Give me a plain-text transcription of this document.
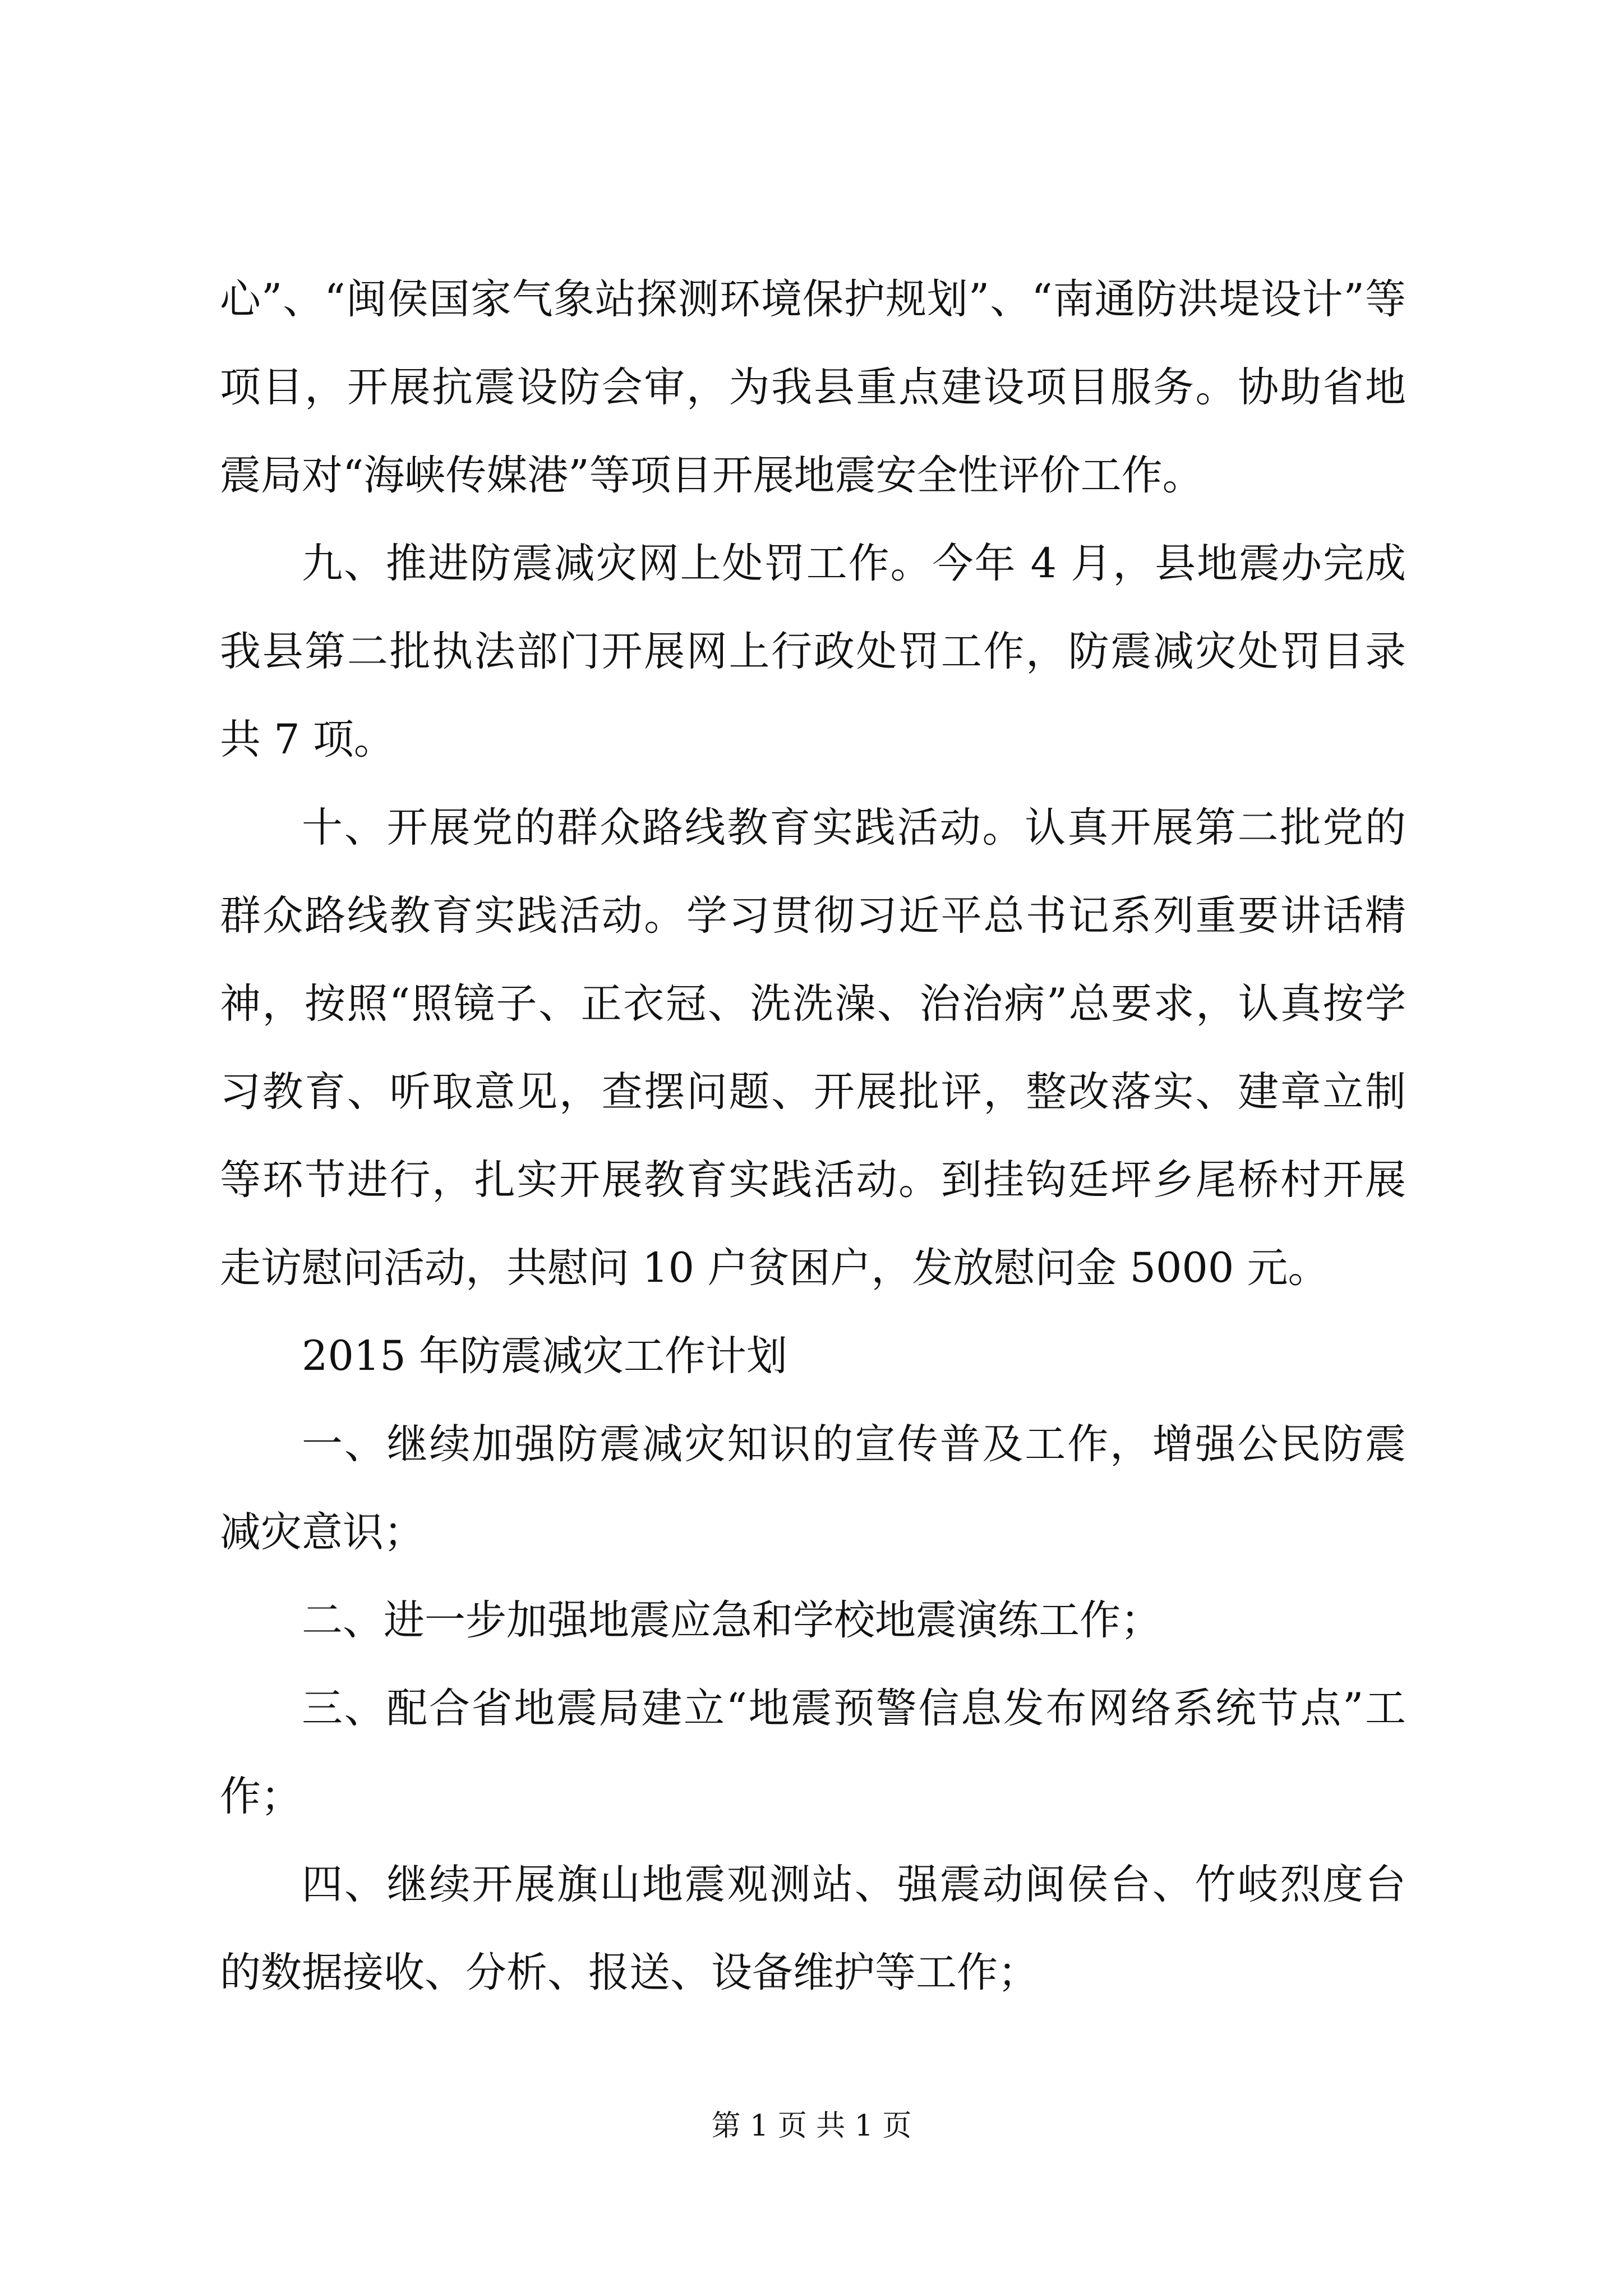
心”、“闽侯国家气象站探测环境保护规划”、“南通防洪堤设计”等项目，开展抗震设防会审，为我县重点建设项目服务。协助省地震局对“海峡传媒港”等项目开展地震安全性评价工作。

九、推进防震减灾网上处罚工作。今年 4 月，县地震办完成我县第二批执法部门开展网上行政处罚工作，防震减灾处罚目录共 7 项。

十、开展党的群众路线教育实践活动。认真开展第二批党的群众路线教育实践活动。学习贯彻习近平总书记系列重要讲话精神，按照“照镜子、正衣冠、洗洗澡、治治病”总要求，认真按学习教育、听取意见，查摆问题、开展批评，整改落实、建章立制等环节进行，扎实开展教育实践活动。到挂钩廷坪乡尾桥村开展走访慰问活动，共慰问 10 户贫困户，发放慰问金 5000 元。

2015 年防震减灾工作计划

一、继续加强防震减灾知识的宣传普及工作，增强公民防震减灾意识；

二、进一步加强地震应急和学校地震演练工作；

三、配合省地震局建立“地震预警信息发布网络系统节点”工作；

四、继续开展旗山地震观测站、强震动闽侯台、竹岐烈度台的数据接收、分析、报送、设备维护等工作；

第 1 页 共 1 页
